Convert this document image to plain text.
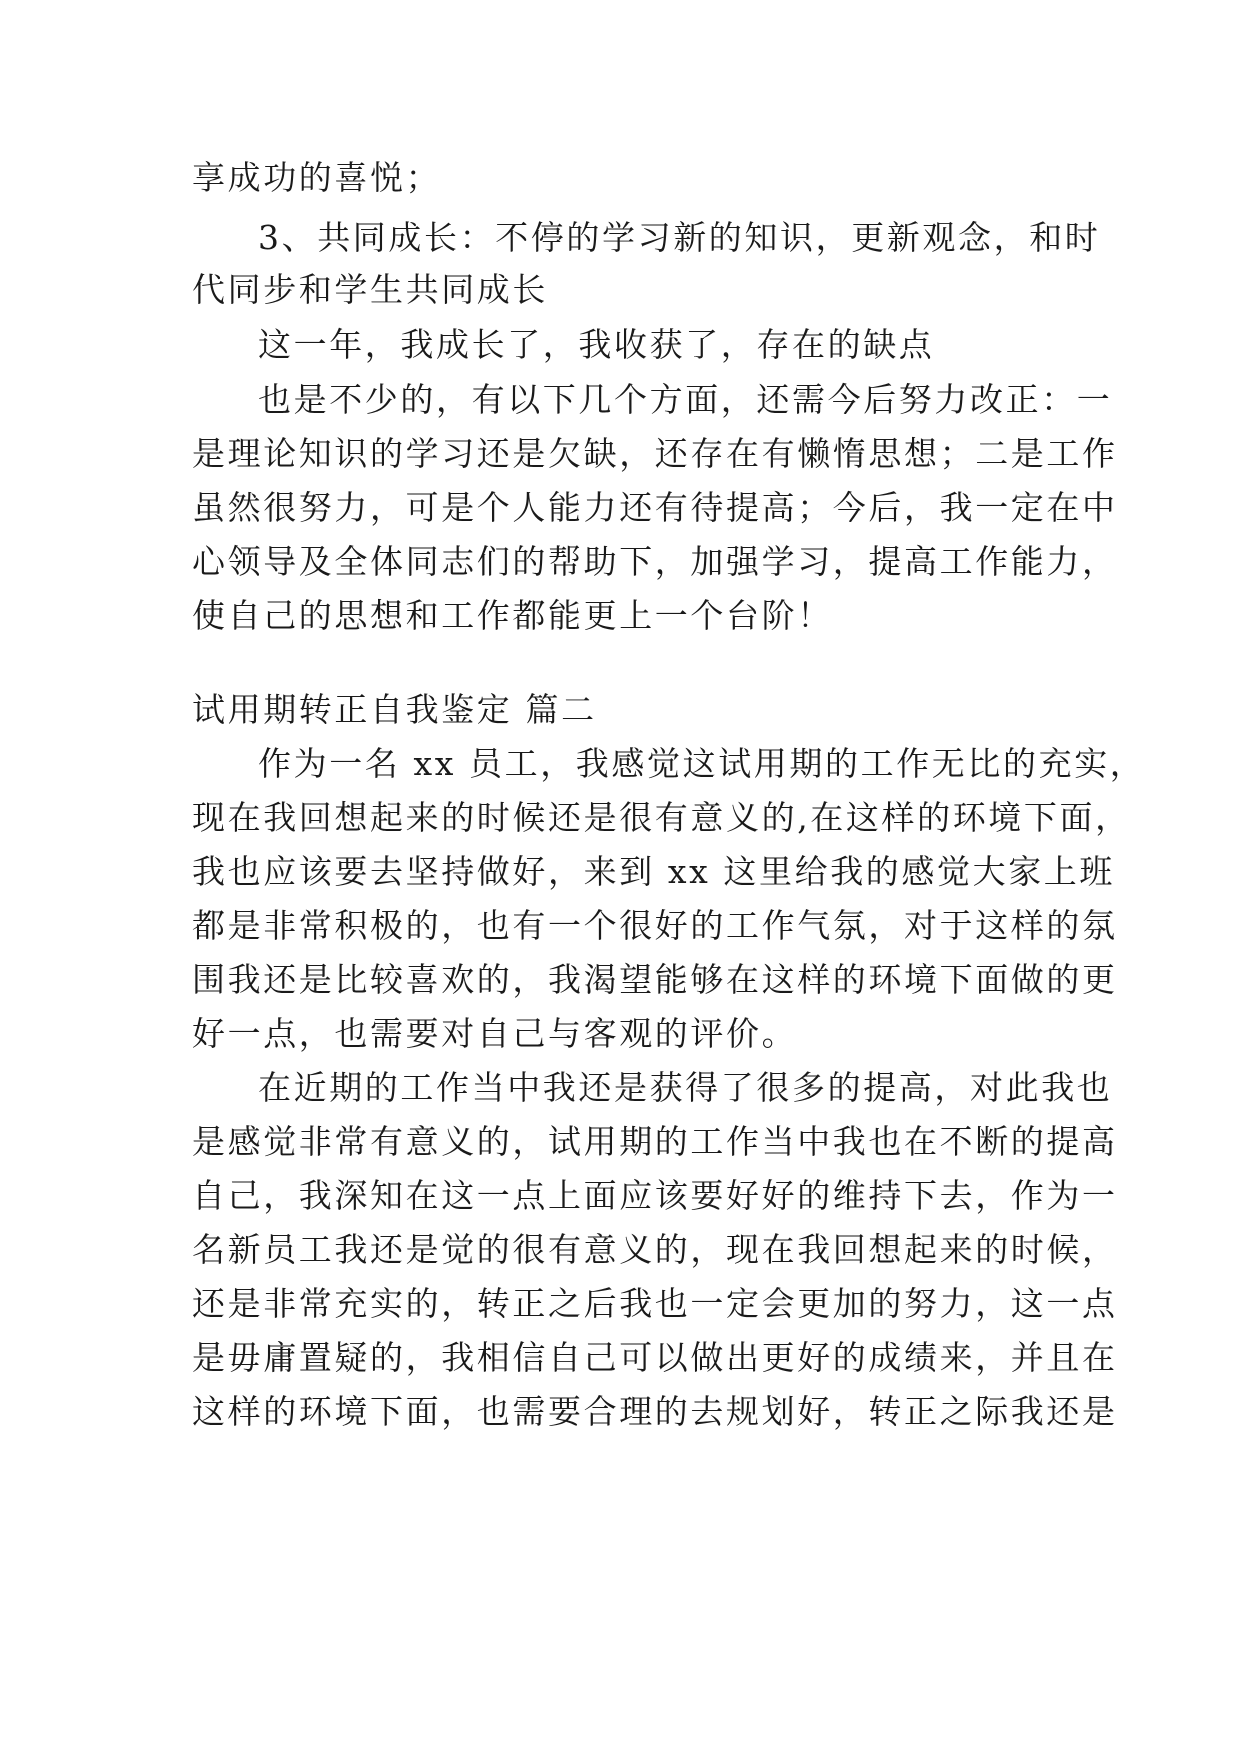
享成功的喜悦；
3、共同成长：不停的学习新的知识，更新观念，和时
代同步和学生共同成长
这一年，我成长了，我收获了，存在的缺点
也是不少的，有以下几个方面，还需今后努力改正：一
是理论知识的学习还是欠缺，还存在有懒惰思想；二是工作
虽然很努力，可是个人能力还有待提高；今后，我一定在中
心领导及全体同志们的帮助下，加强学习，提高工作能力，
使自己的思想和工作都能更上一个台阶！
试用期转正自我鉴定 篇二
作为一名 xx 员工，我感觉这试用期的工作无比的充实，
现在我回想起来的时候还是很有意义的,在这样的环境下面，
我也应该要去坚持做好，来到 xx 这里给我的感觉大家上班
都是非常积极的，也有一个很好的工作气氛，对于这样的氛
围我还是比较喜欢的，我渴望能够在这样的环境下面做的更
好一点，也需要对自己与客观的评价。
在近期的工作当中我还是获得了很多的提高，对此我也
是感觉非常有意义的，试用期的工作当中我也在不断的提高
自己，我深知在这一点上面应该要好好的维持下去，作为一
名新员工我还是觉的很有意义的，现在我回想起来的时候，
还是非常充实的，转正之后我也一定会更加的努力，这一点
是毋庸置疑的，我相信自己可以做出更好的成绩来，并且在
这样的环境下面，也需要合理的去规划好，转正之际我还是
